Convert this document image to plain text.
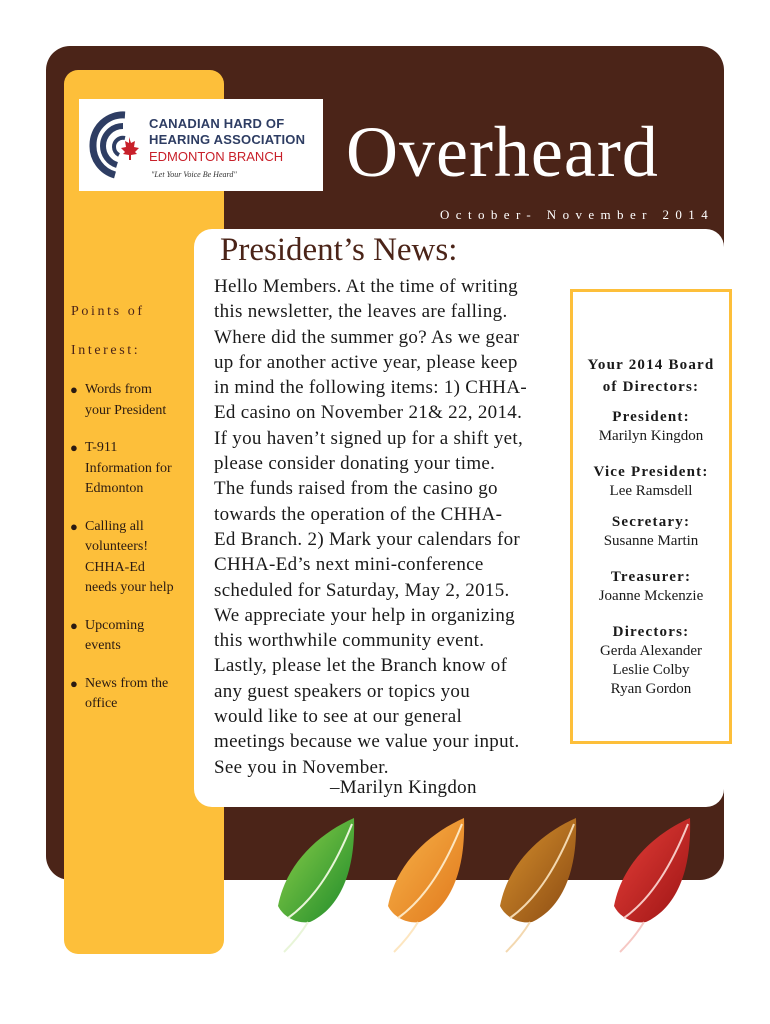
CANADIAN HARD OF
HEARING ASSOCIATION
EDMONTON BRANCH
"Let Your Voice Be Heard" Overheard
October- November 2014
Points of
Interest:
● Words from
your President
● T-911
Information for
Edmonton
● Calling all
volunteers!
CHHA-Ed
needs your help
● Upcoming
events
● News from the
office
President’s News:

Hello Members. At the time of writing
this newsletter, the leaves are falling.
Where did the summer go? As we gear
up for another active year, please keep
in mind the following items: 1) CHHA-
Ed casino on November 21& 22, 2014.
If you haven’t signed up for a shift yet,
please consider donating your time.
The funds raised from the casino go
towards the operation of the CHHA-
Ed Branch. 2) Mark your calendars for
CHHA-Ed’s next mini-conference
scheduled for Saturday, May 2, 2015.
We appreciate your help in organizing
this worthwhile community event.
Lastly, please let the Branch know of
any guest speakers or topics you
would like to see at our general
meetings because we value your input.
See you in November.

–Marilyn Kingdon
Your 2014 Board
of Directors:
President:
Marilyn Kingdon
Vice President:
Lee Ramsdell
Secretary:
Susanne Martin
Treasurer:
Joanne Mckenzie
Directors:
Gerda Alexander
Leslie Colby
Ryan Gordon
